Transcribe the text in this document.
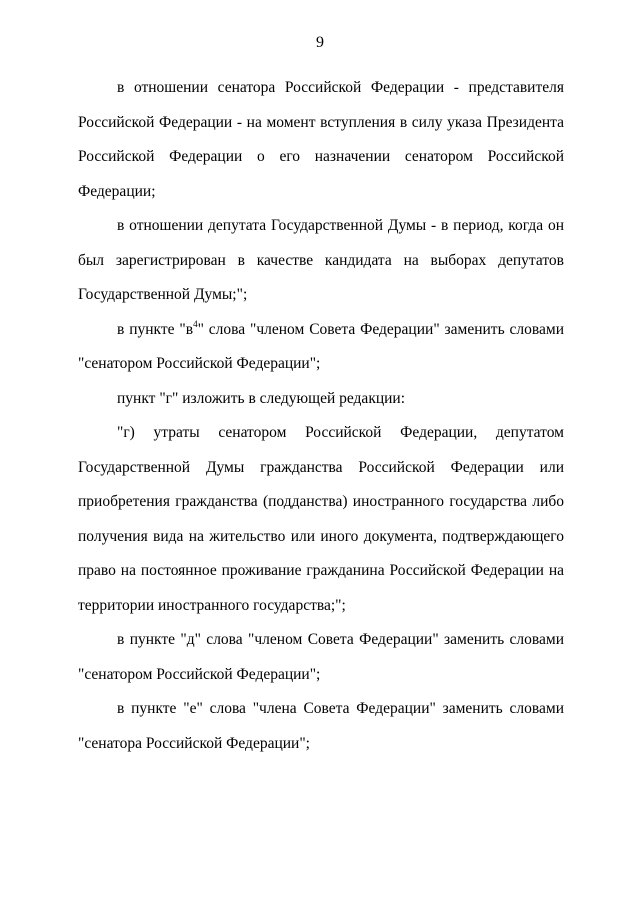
9

в отношении сенатора Российской Федерации - представителя Российской Федерации - на момент вступления в силу указа Президента Российской Федерации о его назначении сенатором Российской Федерации;

в отношении депутата Государственной Думы - в период, когда он был зарегистрирован в качестве кандидата на выборах депутатов Государственной Думы;";

в пункте "$в^4$" слова "членом Совета Федерации" заменить словами "сенатором Российской Федерации";

пункт "г" изложить в следующей редакции:

"г) утраты сенатором Российской Федерации, депутатом Государственной Думы гражданства Российской Федерации или приобретения гражданства (подданства) иностранного государства либо получения вида на жительство или иного документа, подтверждающего право на постоянное проживание гражданина Российской Федерации на территории иностранного государства;";

в пункте "д" слова "членом Совета Федерации" заменить словами "сенатором Российской Федерации";

в пункте "е" слова "члена Совета Федерации" заменить словами "сенатора Российской Федерации";
